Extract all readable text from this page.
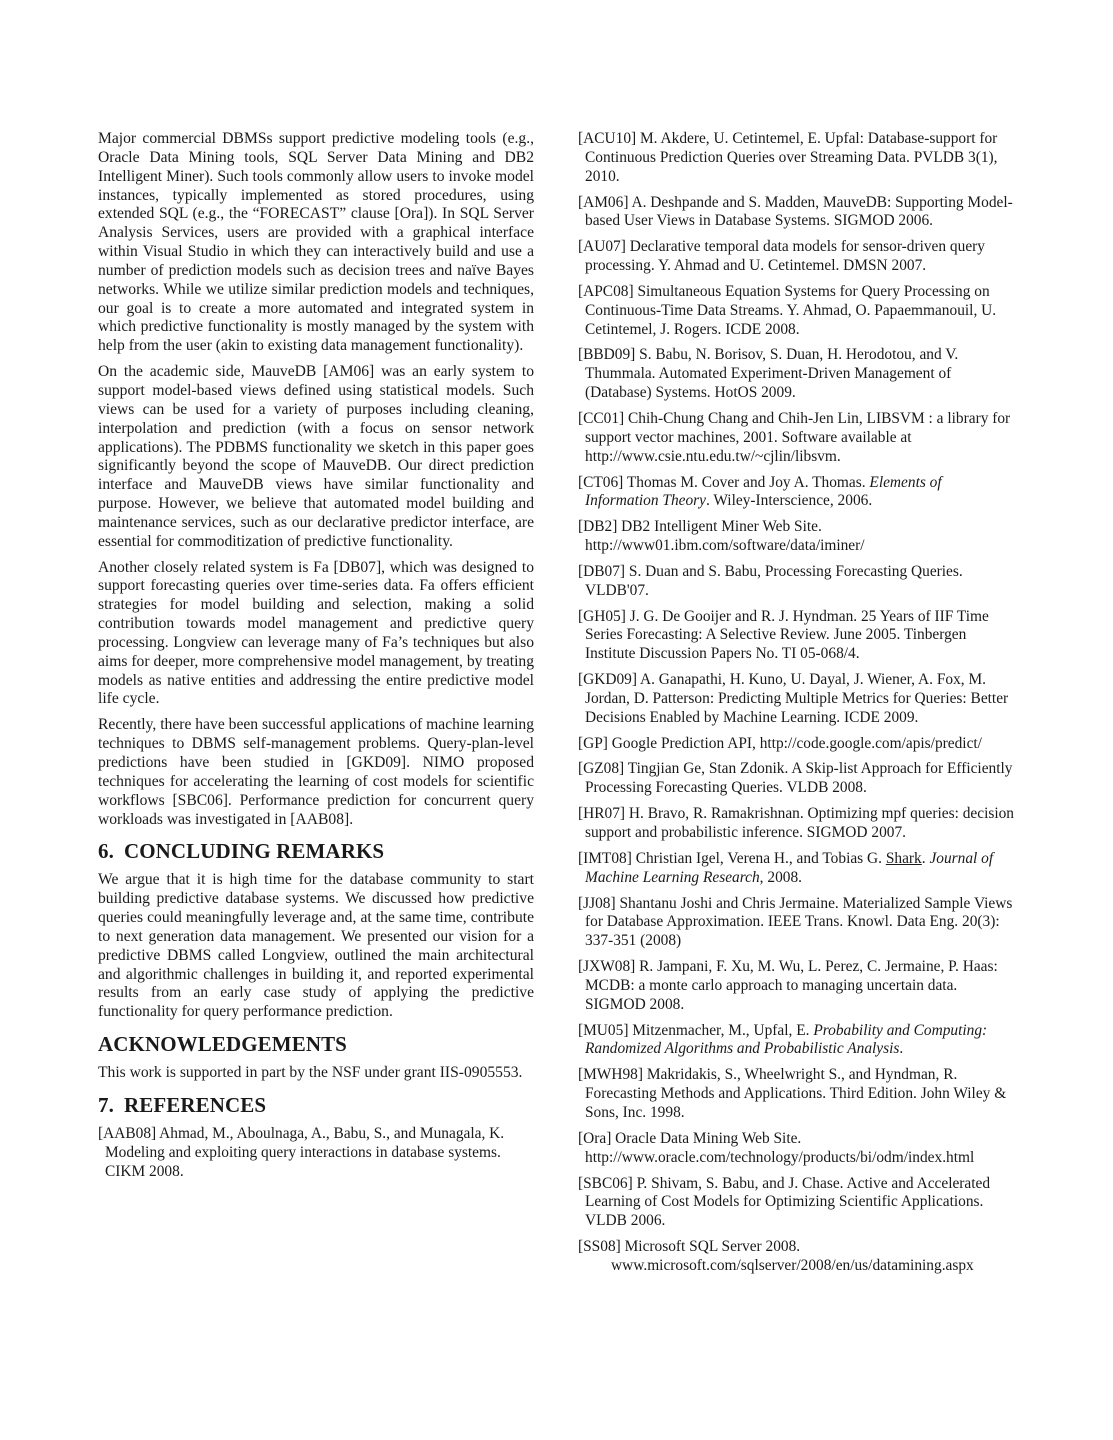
Major commercial DBMSs support predictive modeling tools (e.g., Oracle Data Mining tools, SQL Server Data Mining and DB2 Intelligent Miner). Such tools commonly allow users to invoke model instances, typically implemented as stored procedures, using extended SQL (e.g., the “FORECAST” clause [Ora]). In SQL Server Analysis Services, users are provided with a graphical interface within Visual Studio in which they can interactively build and use a number of prediction models such as decision trees and naïve Bayes networks. While we utilize similar prediction models and techniques, our goal is to create a more automated and integrated system in which predictive functionality is mostly managed by the system with help from the user (akin to existing data management functionality).

On the academic side, MauveDB [AM06] was an early system to support model-based views defined using statistical models. Such views can be used for a variety of purposes including cleaning, interpolation and prediction (with a focus on sensor network applications). The PDBMS functionality we sketch in this paper goes significantly beyond the scope of MauveDB. Our direct prediction interface and MauveDB views have similar functionality and purpose. However, we believe that automated model building and maintenance services, such as our declarative predictor interface, are essential for commoditization of predictive functionality.

Another closely related system is Fa [DB07], which was designed to support forecasting queries over time-series data. Fa offers efficient strategies for model building and selection, making a solid contribution towards model management and predictive query processing. Longview can leverage many of Fa’s techniques but also aims for deeper, more comprehensive model management, by treating models as native entities and addressing the entire predictive model life cycle.

Recently, there have been successful applications of machine learning techniques to DBMS self-management problems. Query-plan-level predictions have been studied in [GKD09]. NIMO proposed techniques for accelerating the learning of cost models for scientific workflows [SBC06]. Performance prediction for concurrent query workloads was investigated in [AAB08].

6. CONCLUDING REMARKS

We argue that it is high time for the database community to start building predictive database systems. We discussed how predictive queries could meaningfully leverage and, at the same time, contribute to next generation data management. We presented our vision for a predictive DBMS called Longview, outlined the main architectural and algorithmic challenges in building it, and reported experimental results from an early case study of applying the predictive functionality for query performance prediction.

ACKNOWLEDGEMENTS

This work is supported in part by the NSF under grant IIS-0905553.

7. REFERENCES

[AAB08] Ahmad, M., Aboulnaga, A., Babu, S., and Munagala, K. Modeling and exploiting query interactions in database systems. CIKM 2008.

[ACU10] M. Akdere, U. Cetintemel, E. Upfal: Database-support for Continuous Prediction Queries over Streaming Data. PVLDB 3(1), 2010.

[AM06] A. Deshpande and S. Madden, MauveDB: Supporting Model-based User Views in Database Systems. SIGMOD 2006.

[AU07] Declarative temporal data models for sensor-driven query processing. Y. Ahmad and U. Cetintemel. DMSN 2007.

[APC08] Simultaneous Equation Systems for Query Processing on Continuous-Time Data Streams. Y. Ahmad, O. Papaemmanouil, U. Cetintemel, J. Rogers. ICDE 2008.

[BBD09] S. Babu, N. Borisov, S. Duan, H. Herodotou, and V. Thummala. Automated Experiment-Driven Management of (Database) Systems. HotOS 2009.

[CC01] Chih-Chung Chang and Chih-Jen Lin, LIBSVM : a library for support vector machines, 2001. Software available at http://www.csie.ntu.edu.tw/~cjlin/libsvm.

[CT06] Thomas M. Cover and Joy A. Thomas. Elements of Information Theory. Wiley-Interscience, 2006.

[DB2] DB2 Intelligent Miner Web Site. http://www01.ibm.com/software/data/iminer/

[DB07] S. Duan and S. Babu, Processing Forecasting Queries. VLDB'07.

[GH05] J. G. De Gooijer and R. J. Hyndman. 25 Years of IIF Time Series Forecasting: A Selective Review. June 2005. Tinbergen Institute Discussion Papers No. TI 05-068/4.

[GKD09] A. Ganapathi, H. Kuno, U. Dayal, J. Wiener, A. Fox, M. Jordan, D. Patterson: Predicting Multiple Metrics for Queries: Better Decisions Enabled by Machine Learning. ICDE 2009.

[GP] Google Prediction API, http://code.google.com/apis/predict/

[GZ08] Tingjian Ge, Stan Zdonik. A Skip-list Approach for Efficiently Processing Forecasting Queries. VLDB 2008.

[HR07] H. Bravo, R. Ramakrishnan. Optimizing mpf queries: decision support and probabilistic inference. SIGMOD 2007.

[IMT08] Christian Igel, Verena H., and Tobias G. Shark. Journal of Machine Learning Research, 2008.

[JJ08] Shantanu Joshi and Chris Jermaine. Materialized Sample Views for Database Approximation. IEEE Trans. Knowl. Data Eng. 20(3): 337-351 (2008)

[JXW08] R. Jampani, F. Xu, M. Wu, L. Perez, C. Jermaine, P. Haas: MCDB: a monte carlo approach to managing uncertain data. SIGMOD 2008.

[MU05] Mitzenmacher, M., Upfal, E. Probability and Computing: Randomized Algorithms and Probabilistic Analysis.

[MWH98] Makridakis, S., Wheelwright S., and Hyndman, R. Forecasting Methods and Applications. Third Edition. John Wiley & Sons, Inc. 1998.

[Ora] Oracle Data Mining Web Site. http://www.oracle.com/technology/products/bi/odm/index.html

[SBC06] P. Shivam, S. Babu, and J. Chase. Active and Accelerated Learning of Cost Models for Optimizing Scientific Applications. VLDB 2006.

[SS08] Microsoft SQL Server 2008.
www.microsoft.com/sqlserver/2008/en/us/datamining.aspx
